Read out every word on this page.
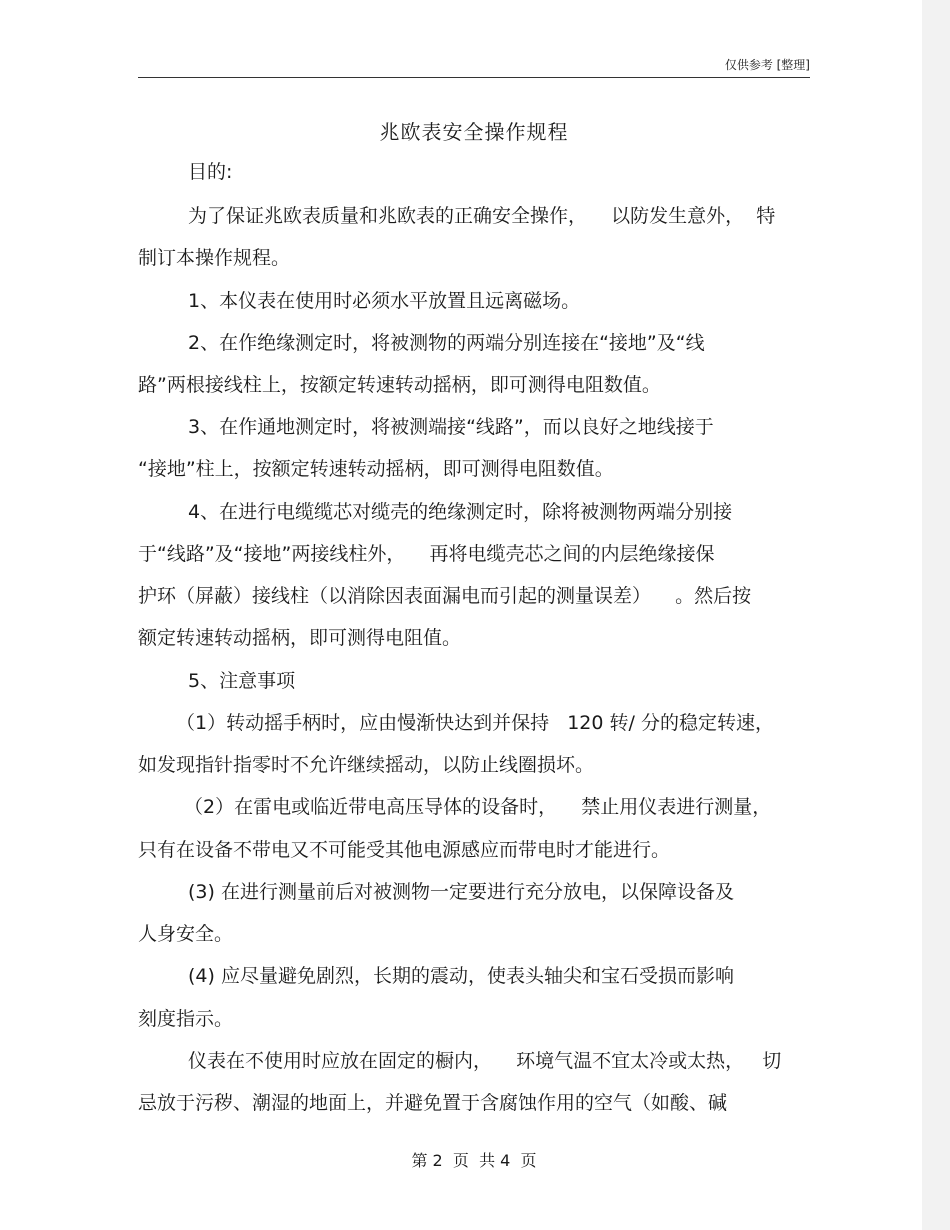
仅供参考 [整理]
兆欧表安全操作规程
目的:
为了保证兆欧表质量和兆欧表的正确安全操作，    以防发生意外，  特
制订本操作规程。
1、本仪表在使用时必须水平放置且远离磁场。
2、在作绝缘测定时，将被测物的两端分别连接在“接地”及“线
路”两根接线柱上，按额定转速转动摇柄，即可测得电阻数值。
3、在作通地测定时，将被测端接“线路”，而以良好之地线接于
“接地”柱上，按额定转速转动摇柄，即可测得电阻数值。
4、在进行电缆缆芯对缆壳的绝缘测定时，除将被测物两端分别接
于“线路”及“接地”两接线柱外，    再将电缆壳芯之间的内层绝缘接保
护环（屏蔽）接线柱（以消除因表面漏电而引起的测量误差）    。然后按
额定转速转动摇柄，即可测得电阻值。
5、注意事项
（1）转动摇手柄时，应由慢渐快达到并保持   120 转/ 分的稳定转速，
如发现指针指零时不允许继续摇动，以防止线圈损坏。
（2）在雷电或临近带电高压导体的设备时，    禁止用仪表进行测量，
只有在设备不带电又不可能受其他电源感应而带电时才能进行。
(3) 在进行测量前后对被测物一定要进行充分放电，以保障设备及
人身安全。
(4) 应尽量避免剧烈，长期的震动，使表头轴尖和宝石受损而影响
刻度指示。
仪表在不使用时应放在固定的橱内，    环境气温不宜太冷或太热，   切
忌放于污秽、潮湿的地面上，并避免置于含腐蚀作用的空气（如酸、碱
第 2  页  共 4  页
